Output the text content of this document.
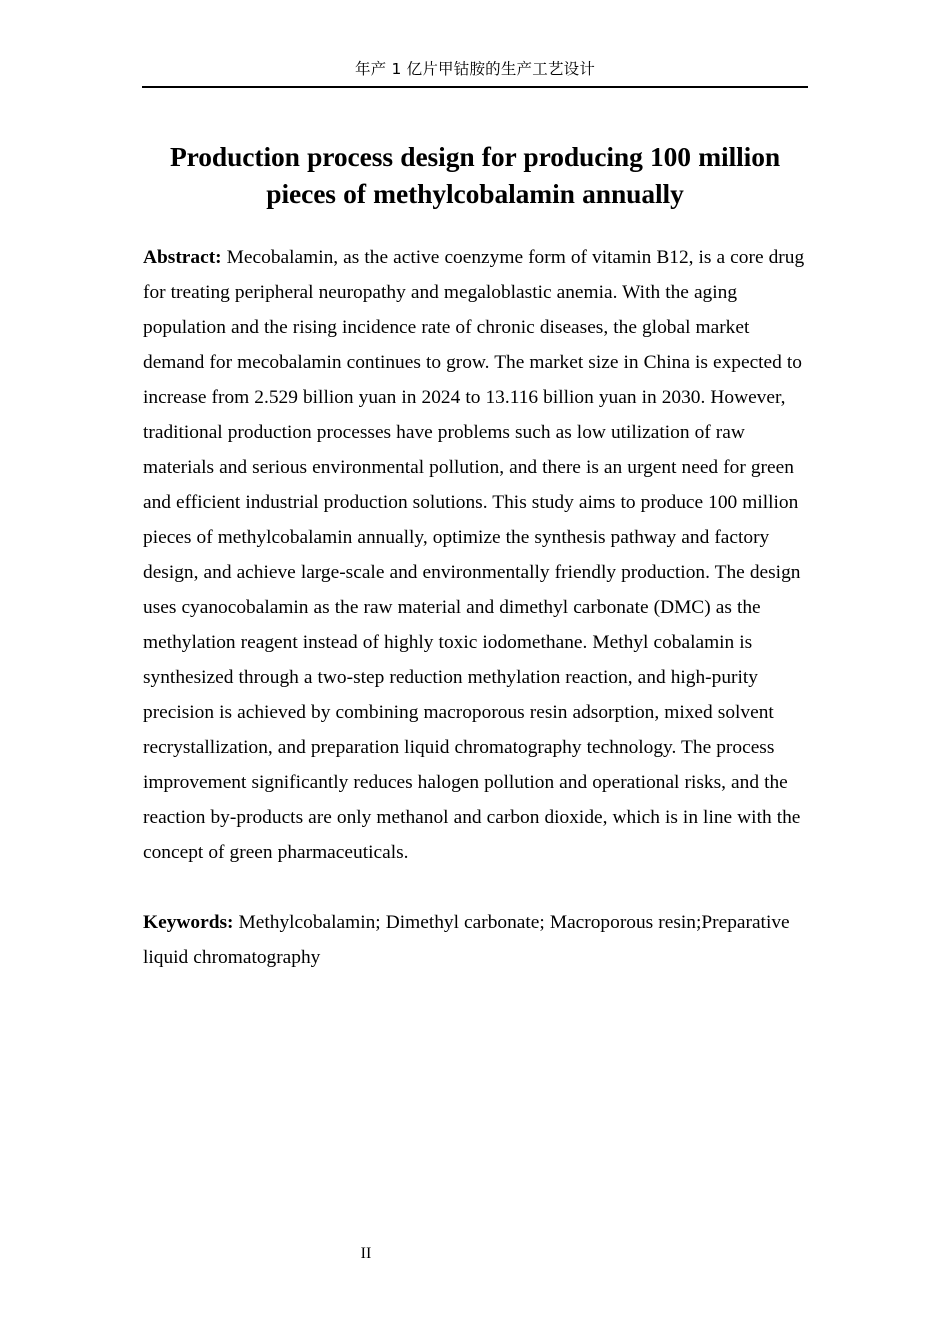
年产 1 亿片甲钴胺的生产工艺设计
Production process design for producing 100 million pieces of methylcobalamin annually

Abstract: Mecobalamin, as the active coenzyme form of vitamin B12, is a core drug for treating peripheral neuropathy and megaloblastic anemia. With the aging population and the rising incidence rate of chronic diseases, the global market demand for mecobalamin continues to grow. The market size in China is expected to increase from 2.529 billion yuan in 2024 to 13.116 billion yuan in 2030. However, traditional production processes have problems such as low utilization of raw materials and serious environmental pollution, and there is an urgent need for green and efficient industrial production solutions. This study aims to produce 100 million pieces of methylcobalamin annually, optimize the synthesis pathway and factory design, and achieve large-scale and environmentally friendly production. The design uses cyanocobalamin as the raw material and dimethyl carbonate (DMC) as the methylation reagent instead of highly toxic iodomethane. Methyl cobalamin is synthesized through a two-step reduction methylation reaction, and high-purity precision is achieved by combining macroporous resin adsorption, mixed solvent recrystallization, and preparation liquid chromatography technology. The process improvement significantly reduces halogen pollution and operational risks, and the reaction by-products are only methanol and carbon dioxide, which is in line with the concept of green pharmaceuticals.

Keywords: Methylcobalamin; Dimethyl carbonate; Macroporous resin;Preparative liquid chromatography

II
